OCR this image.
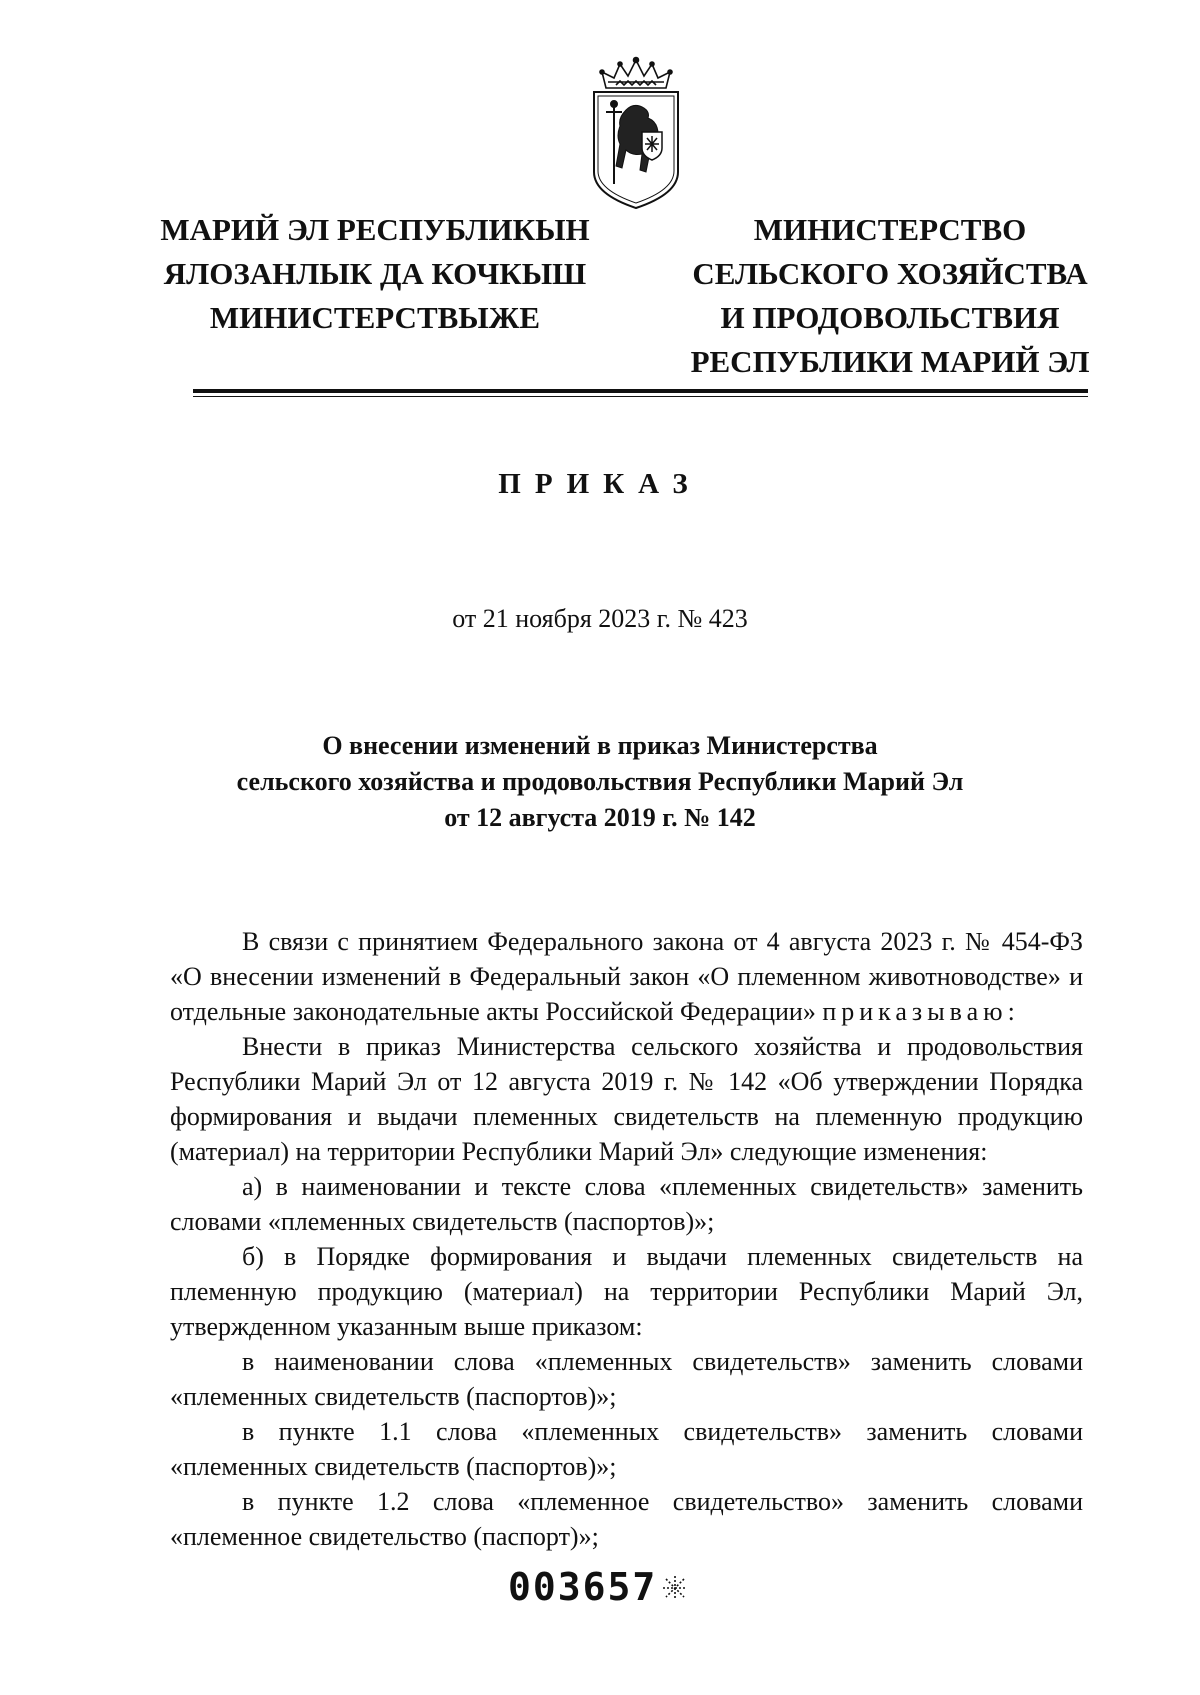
МАРИЙ ЭЛ РЕСПУБЛИКЫН
ЯЛОЗАНЛЫК ДА КОЧКЫШ
МИНИСТЕРСТВЫЖЕ
МИНИСТЕРСТВО
СЕЛЬСКОГО ХОЗЯЙСТВА
И ПРОДОВОЛЬСТВИЯ
РЕСПУБЛИКИ МАРИЙ ЭЛ
ПРИКАЗ
от 21 ноября 2023 г. № 423
О внесении изменений в приказ Министерства
сельского хозяйства и продовольствия Республики Марий Эл
от 12 августа 2019 г. № 142

В связи с принятием Федерального закона от 4 августа 2023 г. № 454-ФЗ «О внесении изменений в Федеральный закон «О племенном животноводстве» и отдельные законодательные акты Российской Федерации» приказываю:

Внести в приказ Министерства сельского хозяйства и продовольствия Республики Марий Эл от 12 августа 2019 г. № 142 «Об утверждении Порядка формирования и выдачи племенных свидетельств на племенную продукцию (материал) на территории Республики Марий Эл» следующие изменения:

а) в наименовании и тексте слова «племенных свидетельств» заменить словами «племенных свидетельств (паспортов)»;

б) в Порядке формирования и выдачи племенных свидетельств на племенную продукцию (материал) на территории Республики Марий Эл, утвержденном указанным выше приказом:

в наименовании слова «племенных свидетельств» заменить словами «племенных свидетельств (паспортов)»;

в пункте 1.1 слова «племенных свидетельств» заменить словами «племенных свидетельств (паспортов)»;

в пункте 1.2 слова «племенное свидетельство» заменить словами «племенное свидетельство (паспорт)»;

003657
